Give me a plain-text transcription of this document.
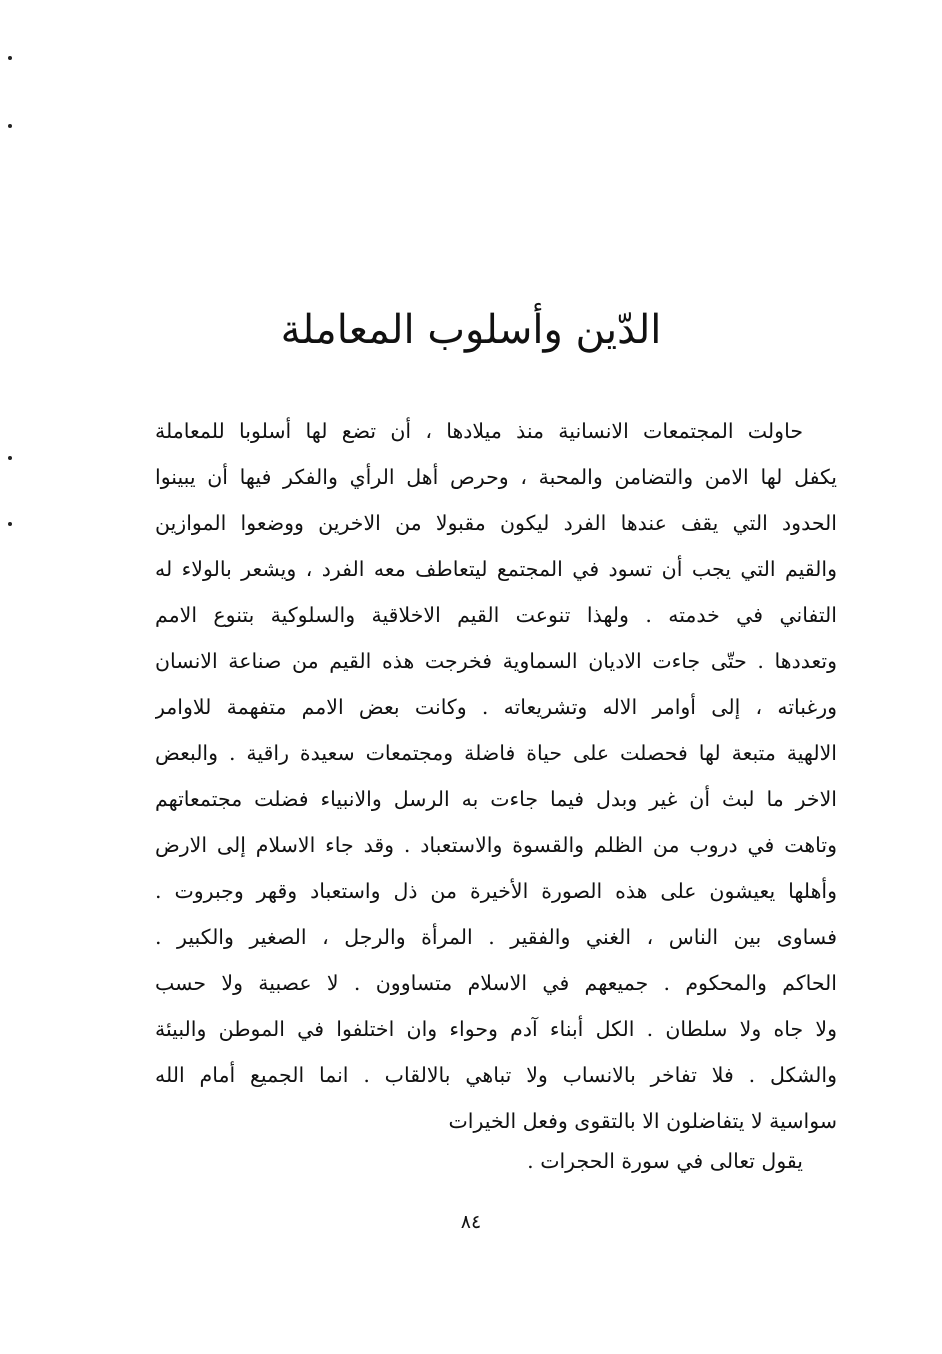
الدّين وأسلوب المعاملة
حاولت المجتمعات الانسانية منذ ميلادها ، أن تضع لها أسلوبا للمعاملة
يكفل لها الامن والتضامن والمحبة ، وحرص أهل الرأي والفكر فيها أن يبينوا
الحدود التي يقف عندها الفرد ليكون مقبولا من الاخرين ووضعوا الموازين
والقيم التي يجب أن تسود في المجتمع ليتعاطف معه الفرد ، ويشعر بالولاء له
التفاني في خدمته . ولهذا تنوعت القيم الاخلاقية والسلوكية بتنوع الامم
وتعددها . حتّى جاءت الاديان السماوية فخرجت هذه القيم من صناعة الانسان
ورغباته ، إلى أوامر الاله وتشريعاته . وكانت بعض الامم متفهمة للاوامر
الالهية متبعة لها فحصلت على حياة فاضلة ومجتمعات سعيدة راقية . والبعض
الاخر ما لبث أن غير وبدل فيما جاءت به الرسل والانبياء فضلت مجتمعاتهم
وتاهت في دروب من الظلم والقسوة والاستعباد . وقد جاء الاسلام إلى الارض
وأهلها يعيشون على هذه الصورة الأخيرة من ذل واستعباد وقهر وجبروت .
فساوى بين الناس ، الغني والفقير . المرأة والرجل ، الصغير والكبير .
الحاكم والمحكوم . جميعهم في الاسلام متساوون . لا عصبية ولا حسب
ولا جاه ولا سلطان . الكل أبناء آدم وحواء وان اختلفوا في الموطن والبيئة
والشكل . فلا تفاخر بالانساب ولا تباهي بالالقاب . انما الجميع أمام الله
سواسية لا يتفاضلون الا بالتقوى وفعل الخيرات
يقول تعالى في سورة الحجرات .
٨٤
